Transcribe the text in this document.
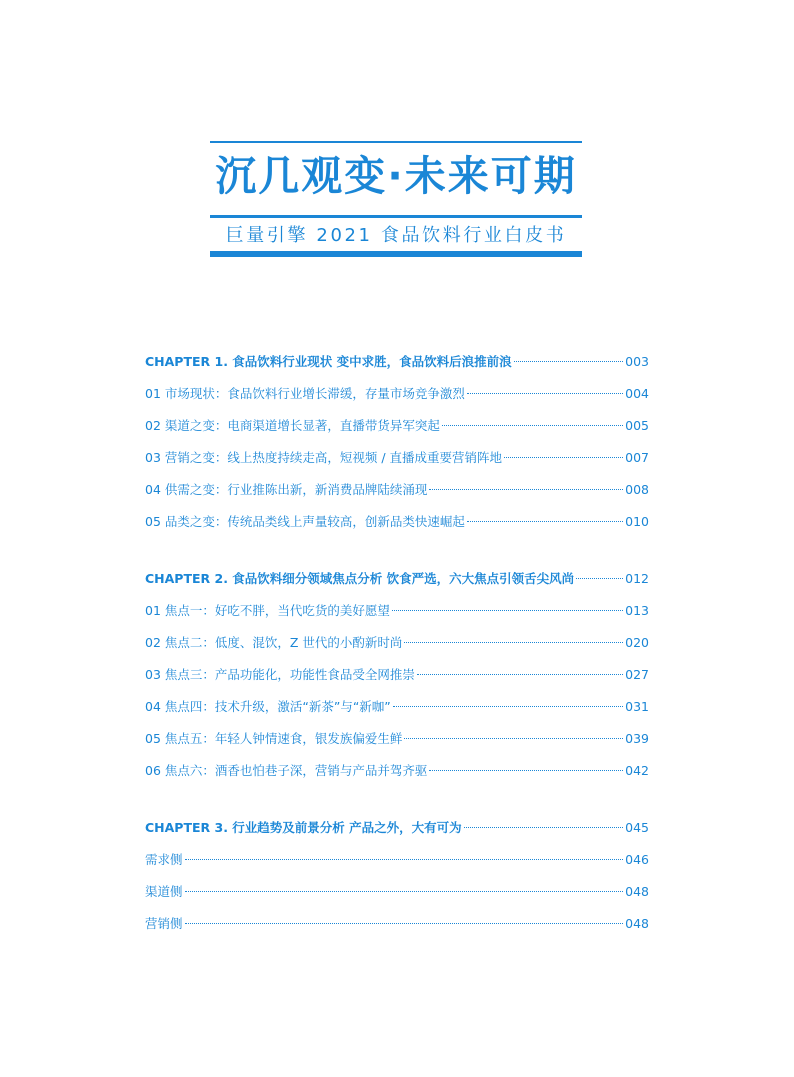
沉几观变·未来可期
巨量引擎 2021 食品饮料行业白皮书
CHAPTER 1. 食品饮料行业现状 变中求胜，食品饮料后浪推前浪	003
01 市场现状：食品饮料行业增长滞缓，存量市场竞争激烈	004
02 渠道之变：电商渠道增长显著，直播带货异军突起	005
03 营销之变：线上热度持续走高，短视频 / 直播成重要营销阵地	007
04 供需之变：行业推陈出新，新消费品牌陆续涌现	008
05 品类之变：传统品类线上声量较高，创新品类快速崛起	010
CHAPTER 2. 食品饮料细分领域焦点分析 饮食严选，六大焦点引领舌尖风尚	012
01 焦点一：好吃不胖，当代吃货的美好愿望	013
02 焦点二：低度、混饮，Z 世代的小酌新时尚	020
03 焦点三：产品功能化，功能性食品受全网推崇	027
04 焦点四：技术升级，激活“新茶”与“新咖”	031
05 焦点五：年轻人钟情速食，银发族偏爱生鲜	039
06 焦点六：酒香也怕巷子深，营销与产品并驾齐驱	042
CHAPTER 3. 行业趋势及前景分析 产品之外，大有可为	045
需求侧	046
渠道侧	048
营销侧	048
